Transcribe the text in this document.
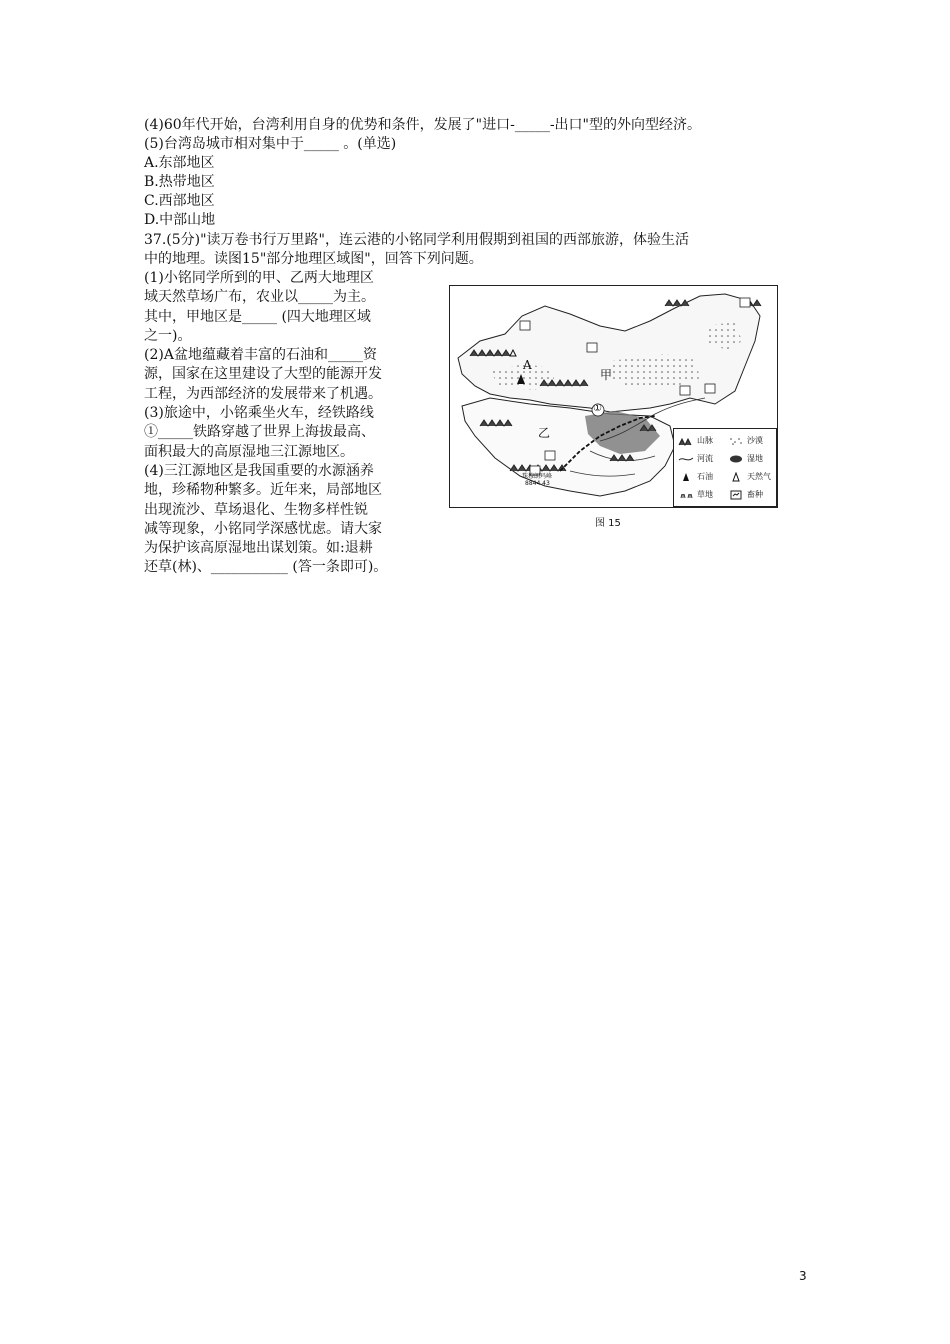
(4)60年代开始，台湾利用自身的优势和条件，发展了"进口-_____-出口"型的外向型经济。
(5)台湾岛城市相对集中于_____ 。(单选)
A.东部地区
B.热带地区
C.西部地区
D.中部山地
37.(5分)"读万卷书行万里路"，连云港的小铭同学利用假期到祖国的西部旅游，体验生活
中的地理。读图15"部分地理区域图"，回答下列问题。

(1)小铭同学所到的甲、乙两大地理区

域天然草场广布，农业以_____为主。

其中，甲地区是_____ (四大地理区域

之一)。

(2)A盆地蕴藏着丰富的石油和_____资

源，国家在这里建设了大型的能源开发

工程，为西部经济的发展带来了机遇。

(3)旅途中，小铭乘坐火车，经铁路线

①_____铁路穿越了世界上海拔最高、

面积最大的高原湿地三江源地区。

(4)三江源地区是我国重要的水源涵养

地，珍稀物种繁多。近年来，局部地区

出现流沙、草场退化、生物多样性锐

减等现象，小铭同学深感忧虑。请大家

为保护该高原湿地出谋划策。如:退耕

还草(林)、___________ (答一条即可)。

A
甲
乙
①
珠穆朗玛峰
8844.43
山脉	沙漠
河流	湿地
石油	天然气
草地	畜种
图 15
3
